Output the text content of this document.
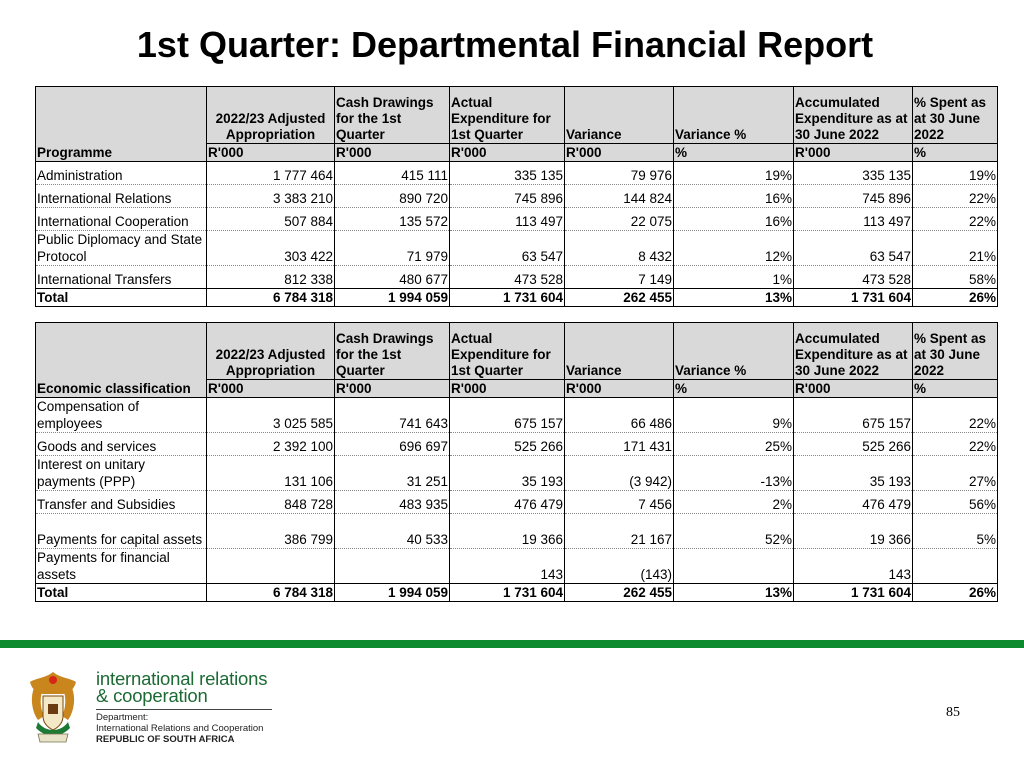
1st Quarter: Departmental Financial Report
	2022/23 Adjusted Appropriation	Cash Drawings for the 1st Quarter	Actual Expenditure for 1st Quarter	Variance	Variance %	Accumulated Expenditure as at 30 June 2022	% Spent as at 30 June 2022
Programme	R'000	R'000	R'000	R'000	%	R'000	%
Administration	1 777 464	415 111	335 135	79 976	19%	335 135	19%
International Relations	3 383 210	890 720	745 896	144 824	16%	745 896	22%
International Cooperation	507 884	135 572	113 497	22 075	16%	113 497	22%
Public Diplomacy and State Protocol	303 422	71 979	63 547	8 432	12%	63 547	21%
International Transfers	812 338	480 677	473 528	7 149	1%	473 528	58%
Total	6 784 318	1 994 059	1 731 604	262 455	13%	1 731 604	26%
	2022/23 Adjusted Appropriation	Cash Drawings for the 1st Quarter	Actual Expenditure for 1st Quarter	Variance	Variance %	Accumulated Expenditure as at 30 June 2022	% Spent as at 30 June 2022
Economic classification	R'000	R'000	R'000	R'000	%	R'000	%
Compensation of employees	3 025 585	741 643	675 157	66 486	9%	675 157	22%
Goods and services	2 392 100	696 697	525 266	171 431	25%	525 266	22%
Interest on unitary payments (PPP)	131 106	31 251	35 193	(3 942)	-13%	35 193	27%
Transfer and Subsidies	848 728	483 935	476 479	7 456	2%	476 479	56%
Payments for capital assets	386 799	40 533	19 366	21 167	52%	19 366	5%
Payments for financial assets			143	(143)		143	
Total	6 784 318	1 994 059	1 731 604	262 455	13%	1 731 604	26%
international relations
& cooperation
Department:
International Relations and Cooperation
REPUBLIC OF SOUTH AFRICA
85
